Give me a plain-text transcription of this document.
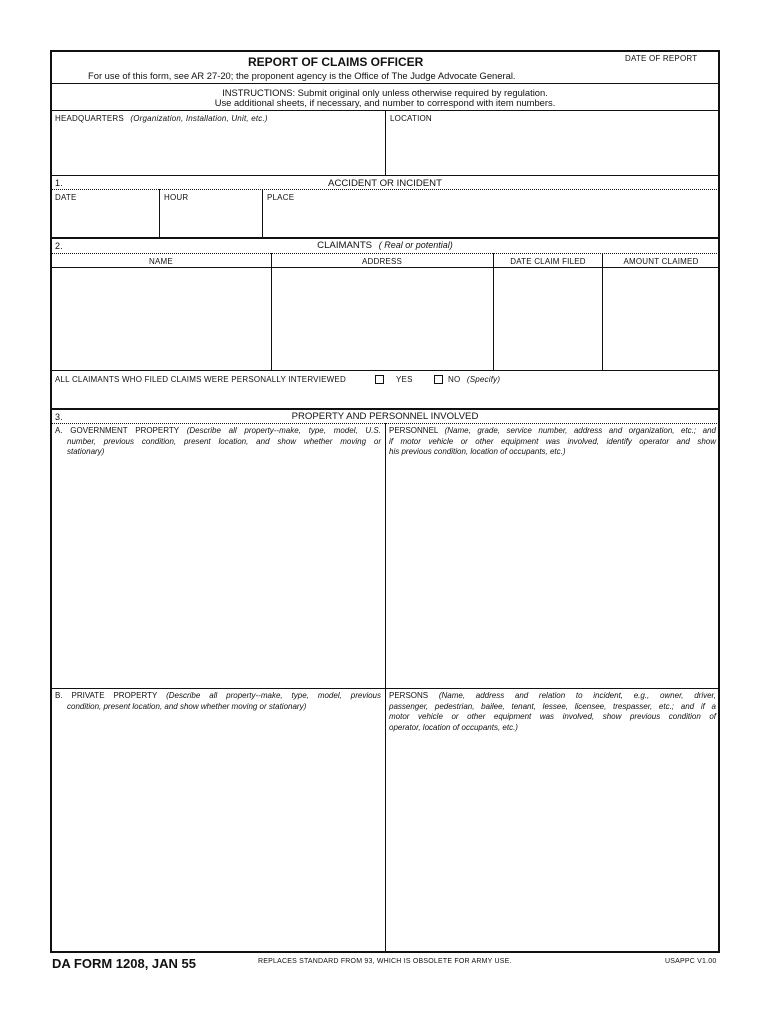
REPORT OF CLAIMS OFFICER	DATE OF REPORT
For use of this form, see AR 27-20; the proponent agency is the Office of The Judge Advocate General.
INSTRUCTIONS: Submit original only unless otherwise required by regulation.
Use additional sheets, if necessary, and number to correspond with item numbers.
HEADQUARTERS (Organization, Installation, Unit, etc.)	LOCATION
1.	ACCIDENT OR INCIDENT
DATE	HOUR	PLACE
2.	CLAIMANTS ( Real or potential)
NAME	ADDRESS	DATE CLAIM FILED	AMOUNT CLAIMED
ALL CLAIMANTS WHO FILED CLAIMS WERE PERSONALLY INTERVIEWED	YES	NO (Specify)
3.	PROPERTY AND PERSONNEL INVOLVED
A. GOVERNMENT PROPERTY (Describe all property--make, type, model, U.S.
number, previous condition, present location, and show whether moving or
stationary)
PERSONNEL (Name, grade, service number, address and organization, etc.; and
if motor vehicle or other equipment was involved, identify operator and show
his previous condition, location of occupants, etc.)
B. PRIVATE PROPERTY (Describe all property--make, type, model, previous
condition, present location, and show whether moving or stationary)
PERSONS (Name, address and relation to incident, e.g., owner, driver,
passenger, pedestrian, bailee, tenant, lessee, licensee, trespasser, etc.; and if a
motor vehicle or other equipment was involved, show previous condition of
operator, location of occupants, etc.)
DA FORM 1208, JAN 55	REPLACES STANDARD FROM 93, WHICH IS OBSOLETE FOR ARMY USE.	USAPPC V1.00
